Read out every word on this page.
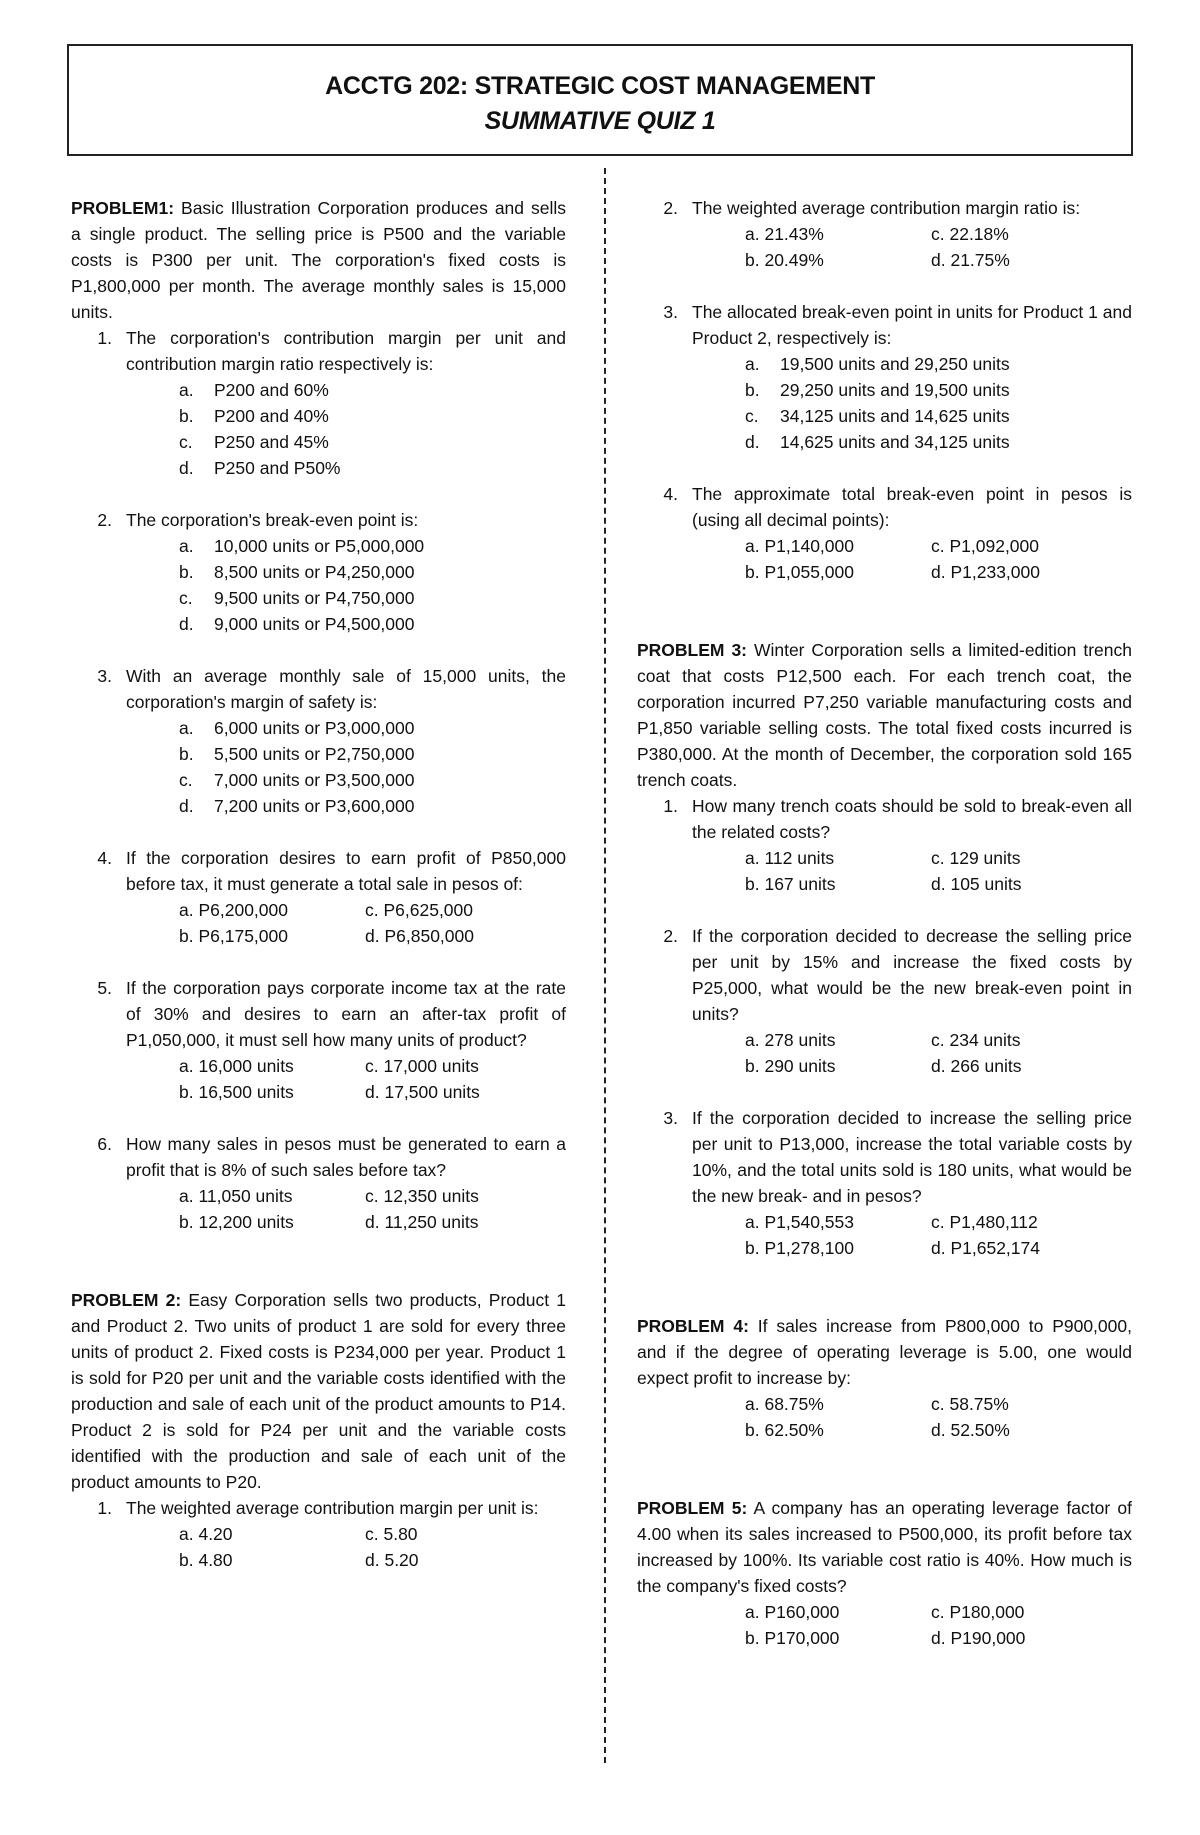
ACCTG 202: STRATEGIC COST MANAGEMENT
SUMMATIVE QUIZ 1

PROBLEM1: Basic Illustration Corporation produces and sells a single product. The selling price is P500 and the variable costs is P300 per unit. The corporation's fixed costs is P1,800,000 per month. The average monthly sales is 15,000 units.

1. The corporation's contribution margin per unit and contribution margin ratio respectively is:
a.	P200 and 60%
b.	P200 and 40%
c.	P250 and 45%
d.	P250 and P50%
2. The corporation's break-even point is:
a.	10,000 units or P5,000,000
b.	8,500 units or P4,250,000
c.	9,500 units or P4,750,000
d.	9,000 units or P4,500,000
3. With an average monthly sale of 15,000 units, the corporation's margin of safety is:
a.	6,000 units or P3,000,000
b.	5,500 units or P2,750,000
c.	7,000 units or P3,500,000
d.	7,200 units or P3,600,000
4. If the corporation desires to earn profit of P850,000 before tax, it must generate a total sale in pesos of:
a. P6,200,000	c. P6,625,000
b. P6,175,000	d. P6,850,000
5. If the corporation pays corporate income tax at the rate of 30% and desires to earn an after-tax profit of P1,050,000, it must sell how many units of product?
a. 16,000 units	c. 17,000 units
b. 16,500 units	d. 17,500 units
6. How many sales in pesos must be generated to earn a profit that is 8% of such sales before tax?
a. 11,050 units	c. 12,350 units
b. 12,200 units	d. 11,250 units

PROBLEM 2: Easy Corporation sells two products, Product 1 and Product 2. Two units of product 1 are sold for every three units of product 2. Fixed costs is P234,000 per year. Product 1 is sold for P20 per unit and the variable costs identified with the production and sale of each unit of the product amounts to P14. Product 2 is sold for P24 per unit and the variable costs identified with the production and sale of each unit of the product amounts to P20.

1. The weighted average contribution margin per unit is:
a. 4.20	c. 5.80
b. 4.80	d. 5.20
2. The weighted average contribution margin ratio is:
a. 21.43%	c. 22.18%
b. 20.49%	d. 21.75%
3. The allocated break-even point in units for Product 1 and Product 2, respectively is:
a.	19,500 units and 29,250 units
b.	29,250 units and 19,500 units
c.	34,125 units and 14,625 units
d.	14,625 units and 34,125 units
4. The approximate total break-even point in pesos is (using all decimal points):
a. P1,140,000	c. P1,092,000
b. P1,055,000	d. P1,233,000

PROBLEM 3: Winter Corporation sells a limited-edition trench coat that costs P12,500 each. For each trench coat, the corporation incurred P7,250 variable manufacturing costs and P1,850 variable selling costs. The total fixed costs incurred is P380,000. At the month of December, the corporation sold 165 trench coats.

1. How many trench coats should be sold to break-even all the related costs?
a. 112 units	c. 129 units
b. 167 units	d. 105 units
2. If the corporation decided to decrease the selling price per unit by 15% and increase the fixed costs by P25,000, what would be the new break-even point in units?
a. 278 units	c. 234 units
b. 290 units	d. 266 units
3. If the corporation decided to increase the selling price per unit to P13,000, increase the total variable costs by 10%, and the total units sold is 180 units, what would be the new break- and in pesos?
a. P1,540,553	c. P1,480,112
b. P1,278,100	d. P1,652,174

PROBLEM 4: If sales increase from P800,000 to P900,000, and if the degree of operating leverage is 5.00, one would expect profit to increase by:

a. 68.75%	c. 58.75%
b. 62.50%	d. 52.50%

PROBLEM 5: A company has an operating leverage factor of 4.00 when its sales increased to P500,000, its profit before tax increased by 100%. Its variable cost ratio is 40%. How much is the company's fixed costs?

a. P160,000	c. P180,000
b. P170,000	d. P190,000
